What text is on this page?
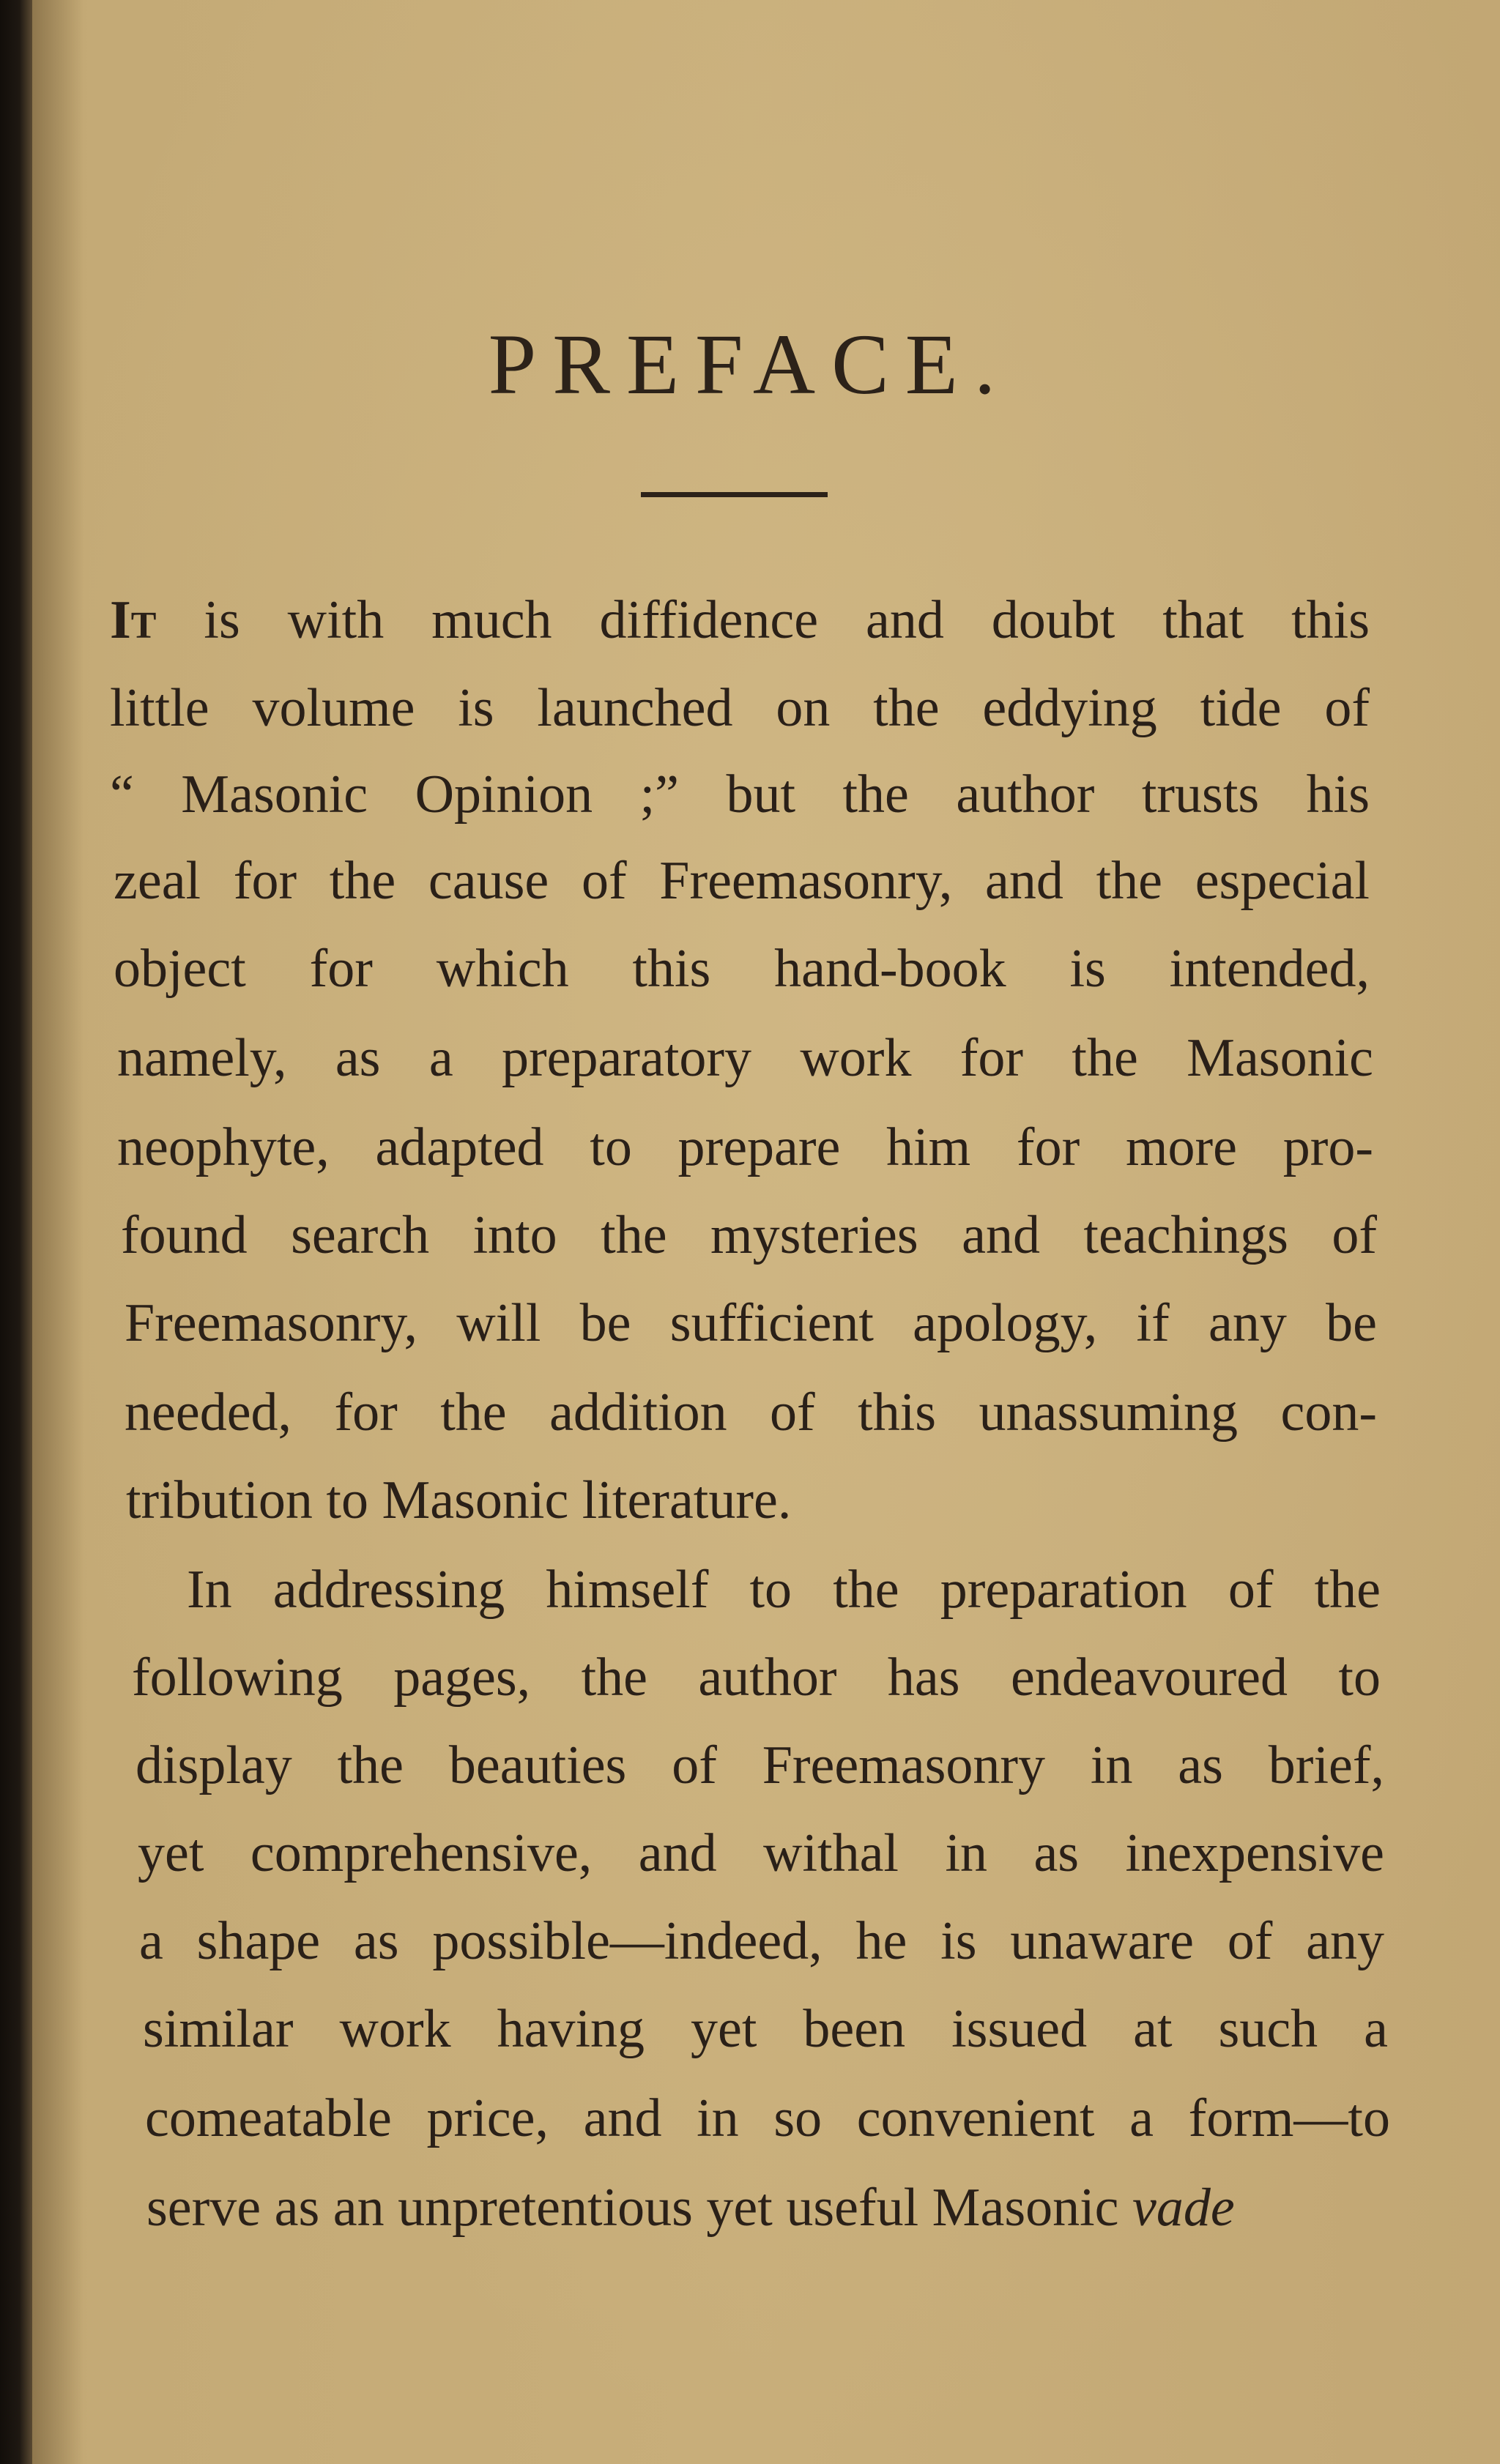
PREFACE.
It is with much diffidence and doubt that this
little volume is launched on the eddying tide of
“ Masonic Opinion ;” but the author trusts his
zeal for the cause of Freemasonry, and the especial
object for which this hand-book is intended,
namely, as a preparatory work for the Masonic
neophyte, adapted to prepare him for more pro-
found search into the mysteries and teachings of
Freemasonry, will be sufficient apology, if any be
needed, for the addition of this unassuming con-
tribution to Masonic literature.
In addressing himself to the preparation of the
following pages, the author has endeavoured to
display the beauties of Freemasonry in as brief,
yet comprehensive, and withal in as inexpensive
a shape as possible—indeed, he is unaware of any
similar work having yet been issued at such a
comeatable price, and in so convenient a form—to
serve as an unpretentious yet useful Masonic vade
